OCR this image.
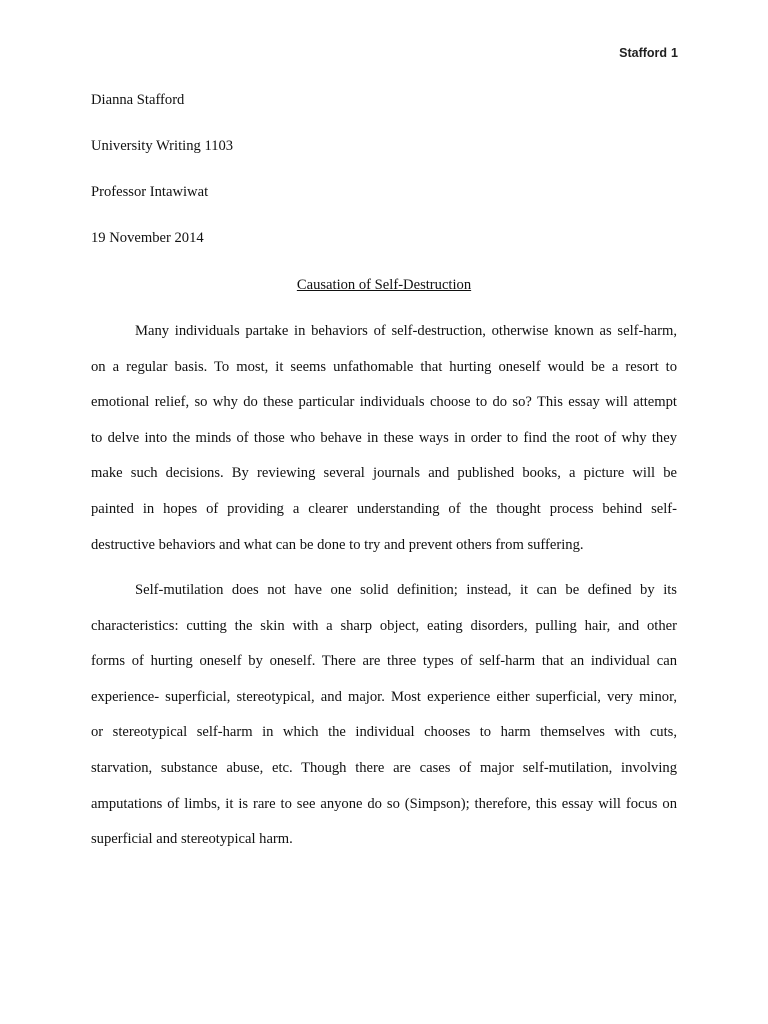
Stafford 1
Dianna Stafford
University Writing 1103
Professor Intawiwat
19 November 2014
Causation of Self-Destruction
Many individuals partake in behaviors of self-destruction, otherwise known as self-harm,
on a regular basis. To most, it seems unfathomable that hurting oneself would be a resort to
emotional relief, so why do these particular individuals choose to do so? This essay will attempt
to delve into the minds of those who behave in these ways in order to find the root of why they
make such decisions. By reviewing several journals and published books, a picture will be
painted in hopes of providing a clearer understanding of the thought process behind self-
destructive behaviors and what can be done to try and prevent others from suffering.
Self-mutilation does not have one solid definition; instead, it can be defined by its
characteristics: cutting the skin with a sharp object, eating disorders, pulling hair, and other
forms of hurting oneself by oneself. There are three types of self-harm that an individual can
experience- superficial, stereotypical, and major. Most experience either superficial, very minor,
or stereotypical self-harm in which the individual chooses to harm themselves with cuts,
starvation, substance abuse, etc. Though there are cases of major self-mutilation, involving
amputations of limbs, it is rare to see anyone do so (Simpson); therefore, this essay will focus on
superficial and stereotypical harm.
